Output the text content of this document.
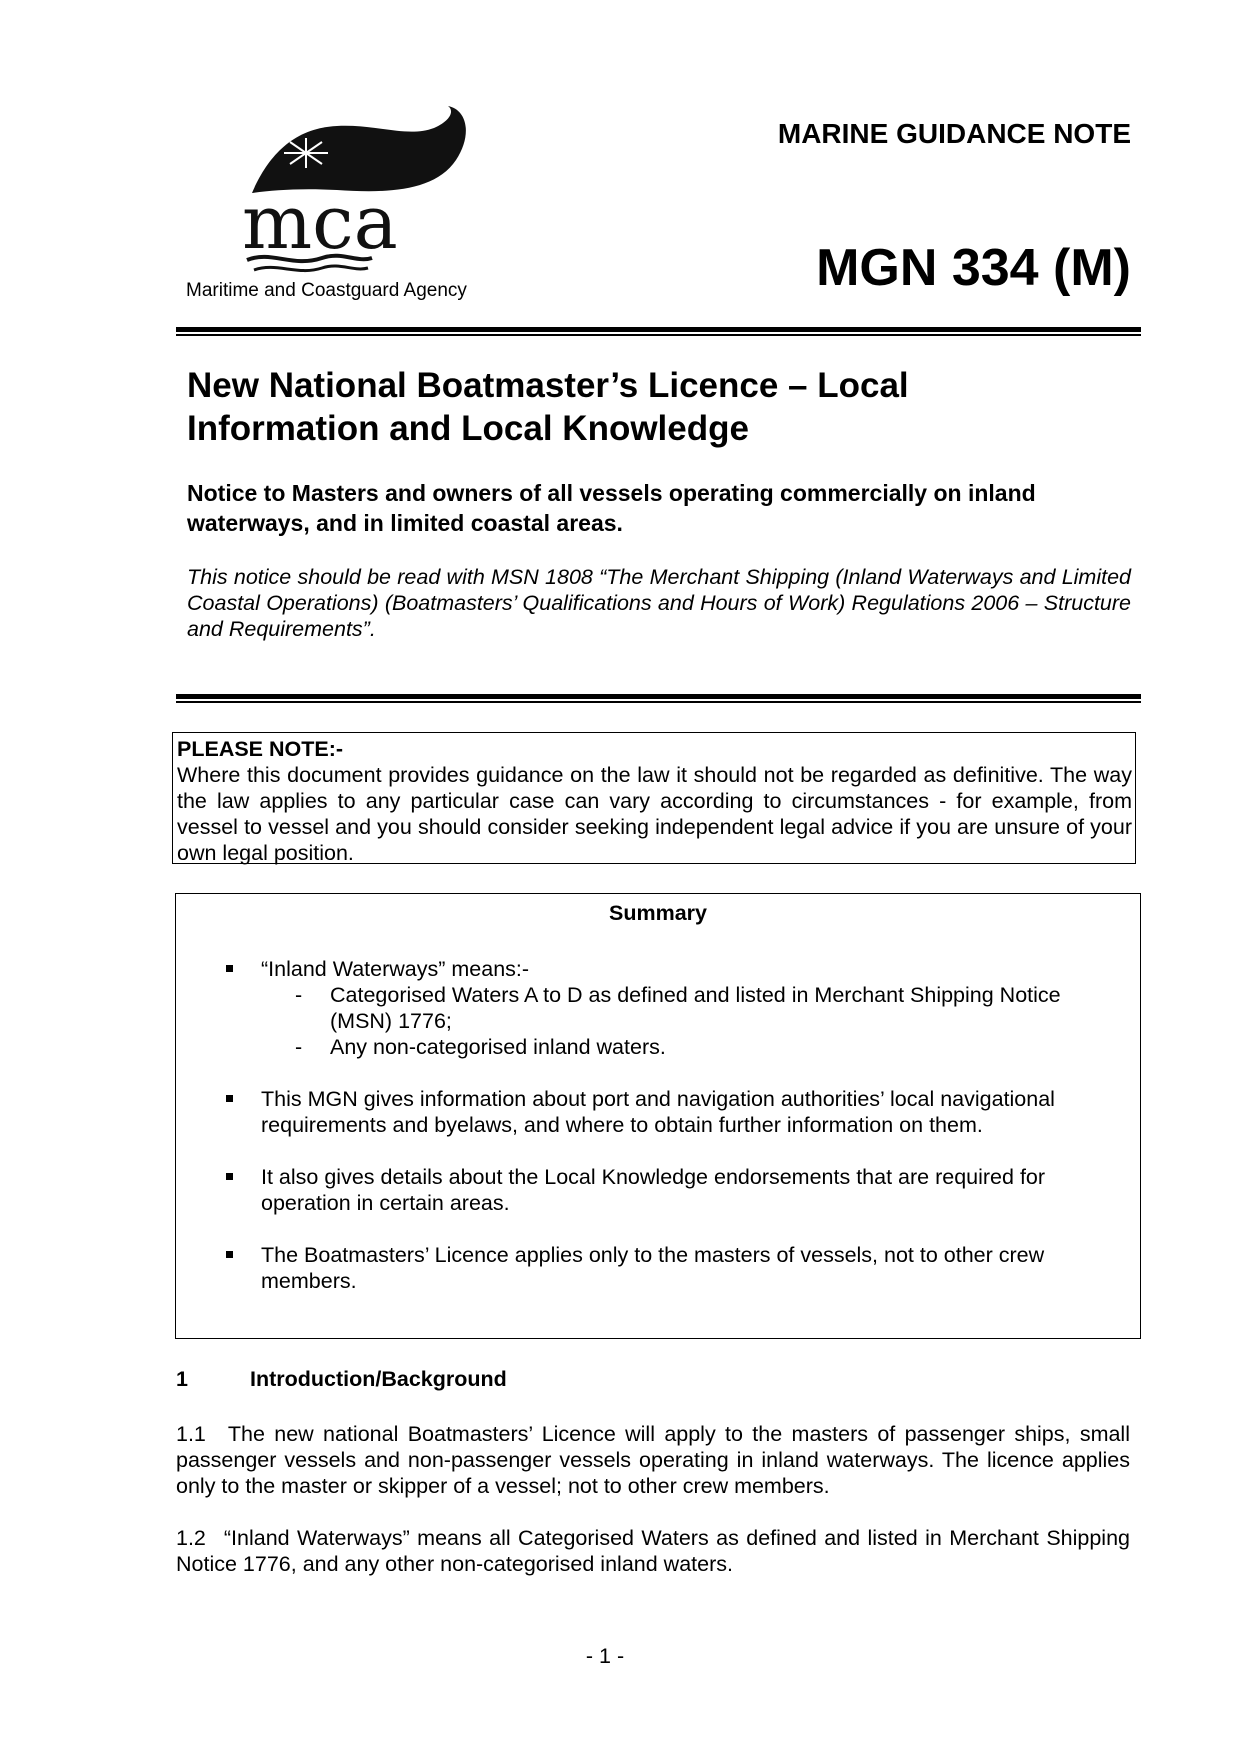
mca
Maritime and Coastguard Agency
MARINE GUIDANCE NOTE
MGN 334 (M)
New National Boatmaster’s Licence – Local Information and Local Knowledge
Notice to Masters and owners of all vessels operating commercially on inland waterways, and in limited coastal areas.
This notice should be read with MSN 1808 “The Merchant Shipping (Inland Waterways and Limited Coastal Operations) (Boatmasters’ Qualifications and Hours of Work) Regulations 2006 – Structure and Requirements”.
PLEASE NOTE:-
Where this document provides guidance on the law it should not be regarded as definitive. The way the law applies to any particular case can vary according to circumstances - for example, from vessel to vessel and you should consider seeking independent legal advice if you are unsure of your own legal position.
Summary
“Inland Waterways” means:-
- Categorised Waters A to D as defined and listed in Merchant Shipping Notice (MSN) 1776;
- Any non-categorised inland waters.
This MGN gives information about port and navigation authorities’ local navigational requirements and byelaws, and where to obtain further information on them.
It also gives details about the Local Knowledge endorsements that are required for operation in certain areas.
The Boatmasters’ Licence applies only to the masters of vessels, not to other crew members.
1	Introduction/Background
1.1 The new national Boatmasters’ Licence will apply to the masters of passenger ships, small passenger vessels and non-passenger vessels operating in inland waterways. The licence applies only to the master or skipper of a vessel; not to other crew members.
1.2 “Inland Waterways” means all Categorised Waters as defined and listed in Merchant Shipping Notice 1776, and any other non-categorised inland waters.
- 1 -
